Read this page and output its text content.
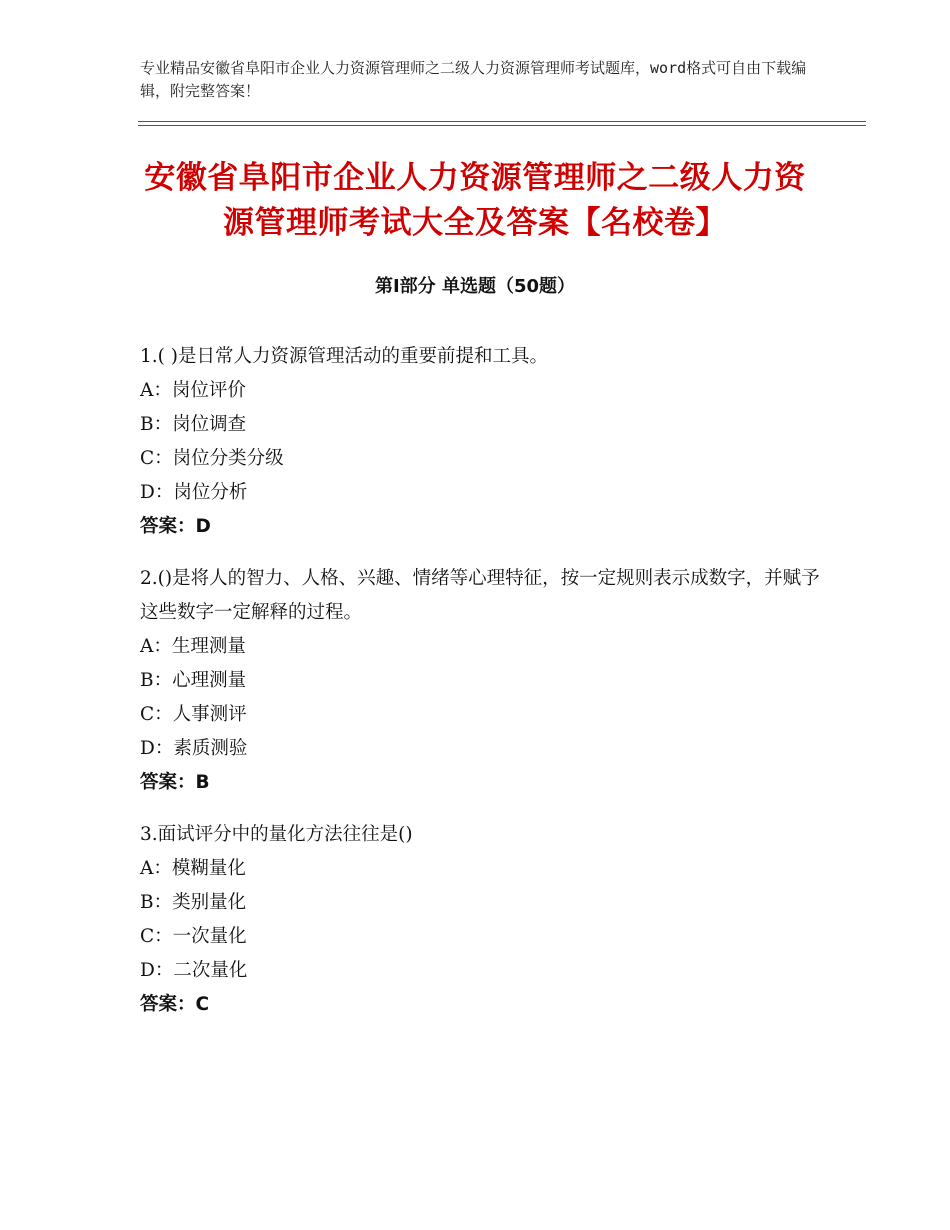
专业精品安徽省阜阳市企业人力资源管理师之二级人力资源管理师考试题库，word格式可自由下载编辑，附完整答案！
安徽省阜阳市企业人力资源管理师之二级人力资源管理师考试大全及答案【名校卷】
第Ⅰ部分 单选题（50题）

1.( )是日常人力资源管理活动的重要前提和工具。

A：岗位评价

B：岗位调查

C：岗位分类分级

D：岗位分析

答案：D

2.()是将人的智力、人格、兴趣、情绪等心理特征，按一定规则表示成数字，并赋予这些数字一定解释的过程。

A：生理测量

B：心理测量

C：人事测评

D：素质测验

答案：B

3.面试评分中的量化方法往往是()

A：模糊量化

B：类别量化

C：一次量化

D：二次量化

答案：C
